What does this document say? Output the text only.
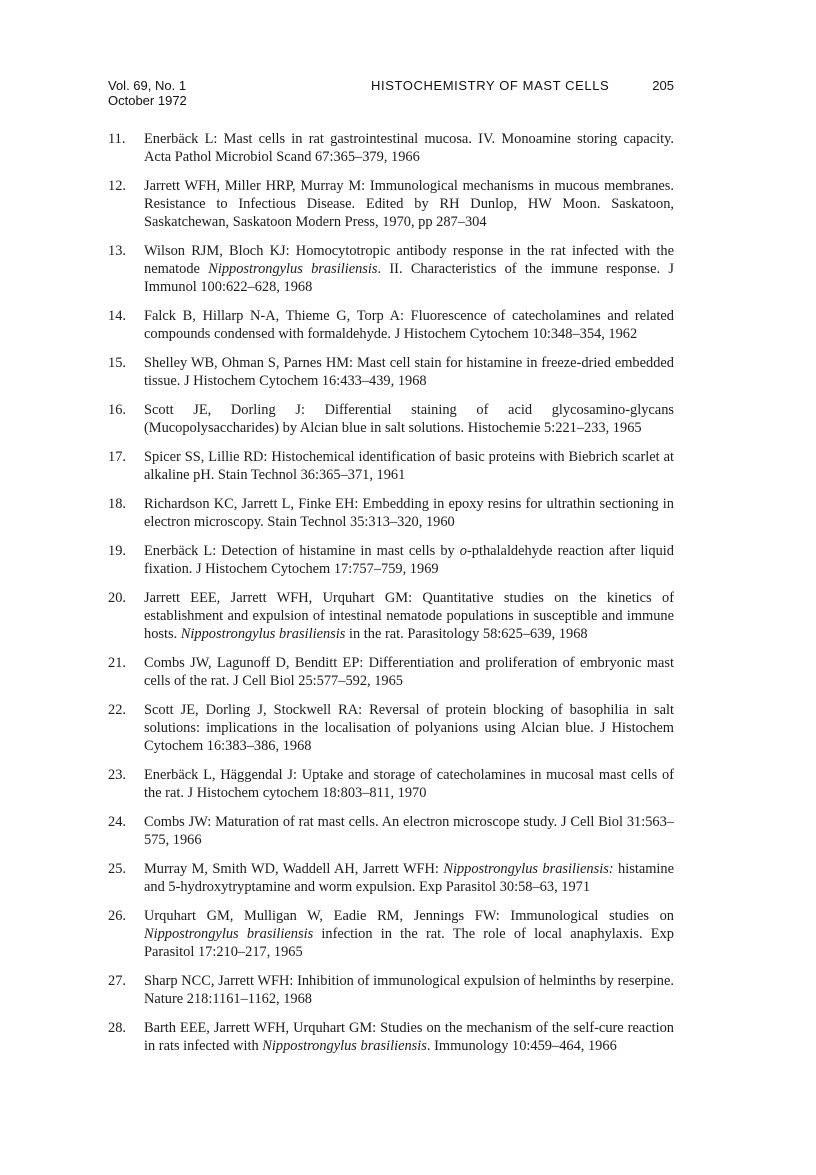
Vol. 69, No. 1
October 1972
HISTOCHEMISTRY OF MAST CELLS	205
11.	Enerbäck L: Mast cells in rat gastrointestinal mucosa. IV. Monoamine storing capacity. Acta Pathol Microbiol Scand 67:365–379, 1966
12.	Jarrett WFH, Miller HRP, Murray M: Immunological mechanisms in mucous membranes. Resistance to Infectious Disease. Edited by RH Dunlop, HW Moon. Saskatoon, Saskatchewan, Saskatoon Modern Press, 1970, pp 287–304
13.	Wilson RJM, Bloch KJ: Homocytotropic antibody response in the rat infected with the nematode Nippostrongylus brasiliensis. II. Characteristics of the immune response. J Immunol 100:622–628, 1968
14.	Falck B, Hillarp N-A, Thieme G, Torp A: Fluorescence of catecholamines and related compounds condensed with formaldehyde. J Histochem Cytochem 10:348–354, 1962
15.	Shelley WB, Ohman S, Parnes HM: Mast cell stain for histamine in freeze-dried embedded tissue. J Histochem Cytochem 16:433–439, 1968
16.	Scott JE, Dorling J: Differential staining of acid glycosamino-glycans (Mucopolysaccharides) by Alcian blue in salt solutions. Histochemie 5:221–233, 1965
17.	Spicer SS, Lillie RD: Histochemical identification of basic proteins with Biebrich scarlet at alkaline pH. Stain Technol 36:365–371, 1961
18.	Richardson KC, Jarrett L, Finke EH: Embedding in epoxy resins for ultrathin sectioning in electron microscopy. Stain Technol 35:313–320, 1960
19.	Enerbäck L: Detection of histamine in mast cells by o-pthalaldehyde reaction after liquid fixation. J Histochem Cytochem 17:757–759, 1969
20.	Jarrett EEE, Jarrett WFH, Urquhart GM: Quantitative studies on the kinetics of establishment and expulsion of intestinal nematode populations in susceptible and immune hosts. Nippostrongylus brasiliensis in the rat. Parasitology 58:625–639, 1968
21.	Combs JW, Lagunoff D, Benditt EP: Differentiation and proliferation of embryonic mast cells of the rat. J Cell Biol 25:577–592, 1965
22.	Scott JE, Dorling J, Stockwell RA: Reversal of protein blocking of basophilia in salt solutions: implications in the localisation of polyanions using Alcian blue. J Histochem Cytochem 16:383–386, 1968
23.	Enerbäck L, Häggendal J: Uptake and storage of catecholamines in mucosal mast cells of the rat. J Histochem cytochem 18:803–811, 1970
24.	Combs JW: Maturation of rat mast cells. An electron microscope study. J Cell Biol 31:563–575, 1966
25.	Murray M, Smith WD, Waddell AH, Jarrett WFH: Nippostrongylus brasiliensis: histamine and 5-hydroxytryptamine and worm expulsion. Exp Parasitol 30:58–63, 1971
26.	Urquhart GM, Mulligan W, Eadie RM, Jennings FW: Immunological studies on Nippostrongylus brasiliensis infection in the rat. The role of local anaphylaxis. Exp Parasitol 17:210–217, 1965
27.	Sharp NCC, Jarrett WFH: Inhibition of immunological expulsion of helminths by reserpine. Nature 218:1161–1162, 1968
28.	Barth EEE, Jarrett WFH, Urquhart GM: Studies on the mechanism of the self-cure reaction in rats infected with Nippostrongylus brasiliensis. Immunology 10:459–464, 1966
